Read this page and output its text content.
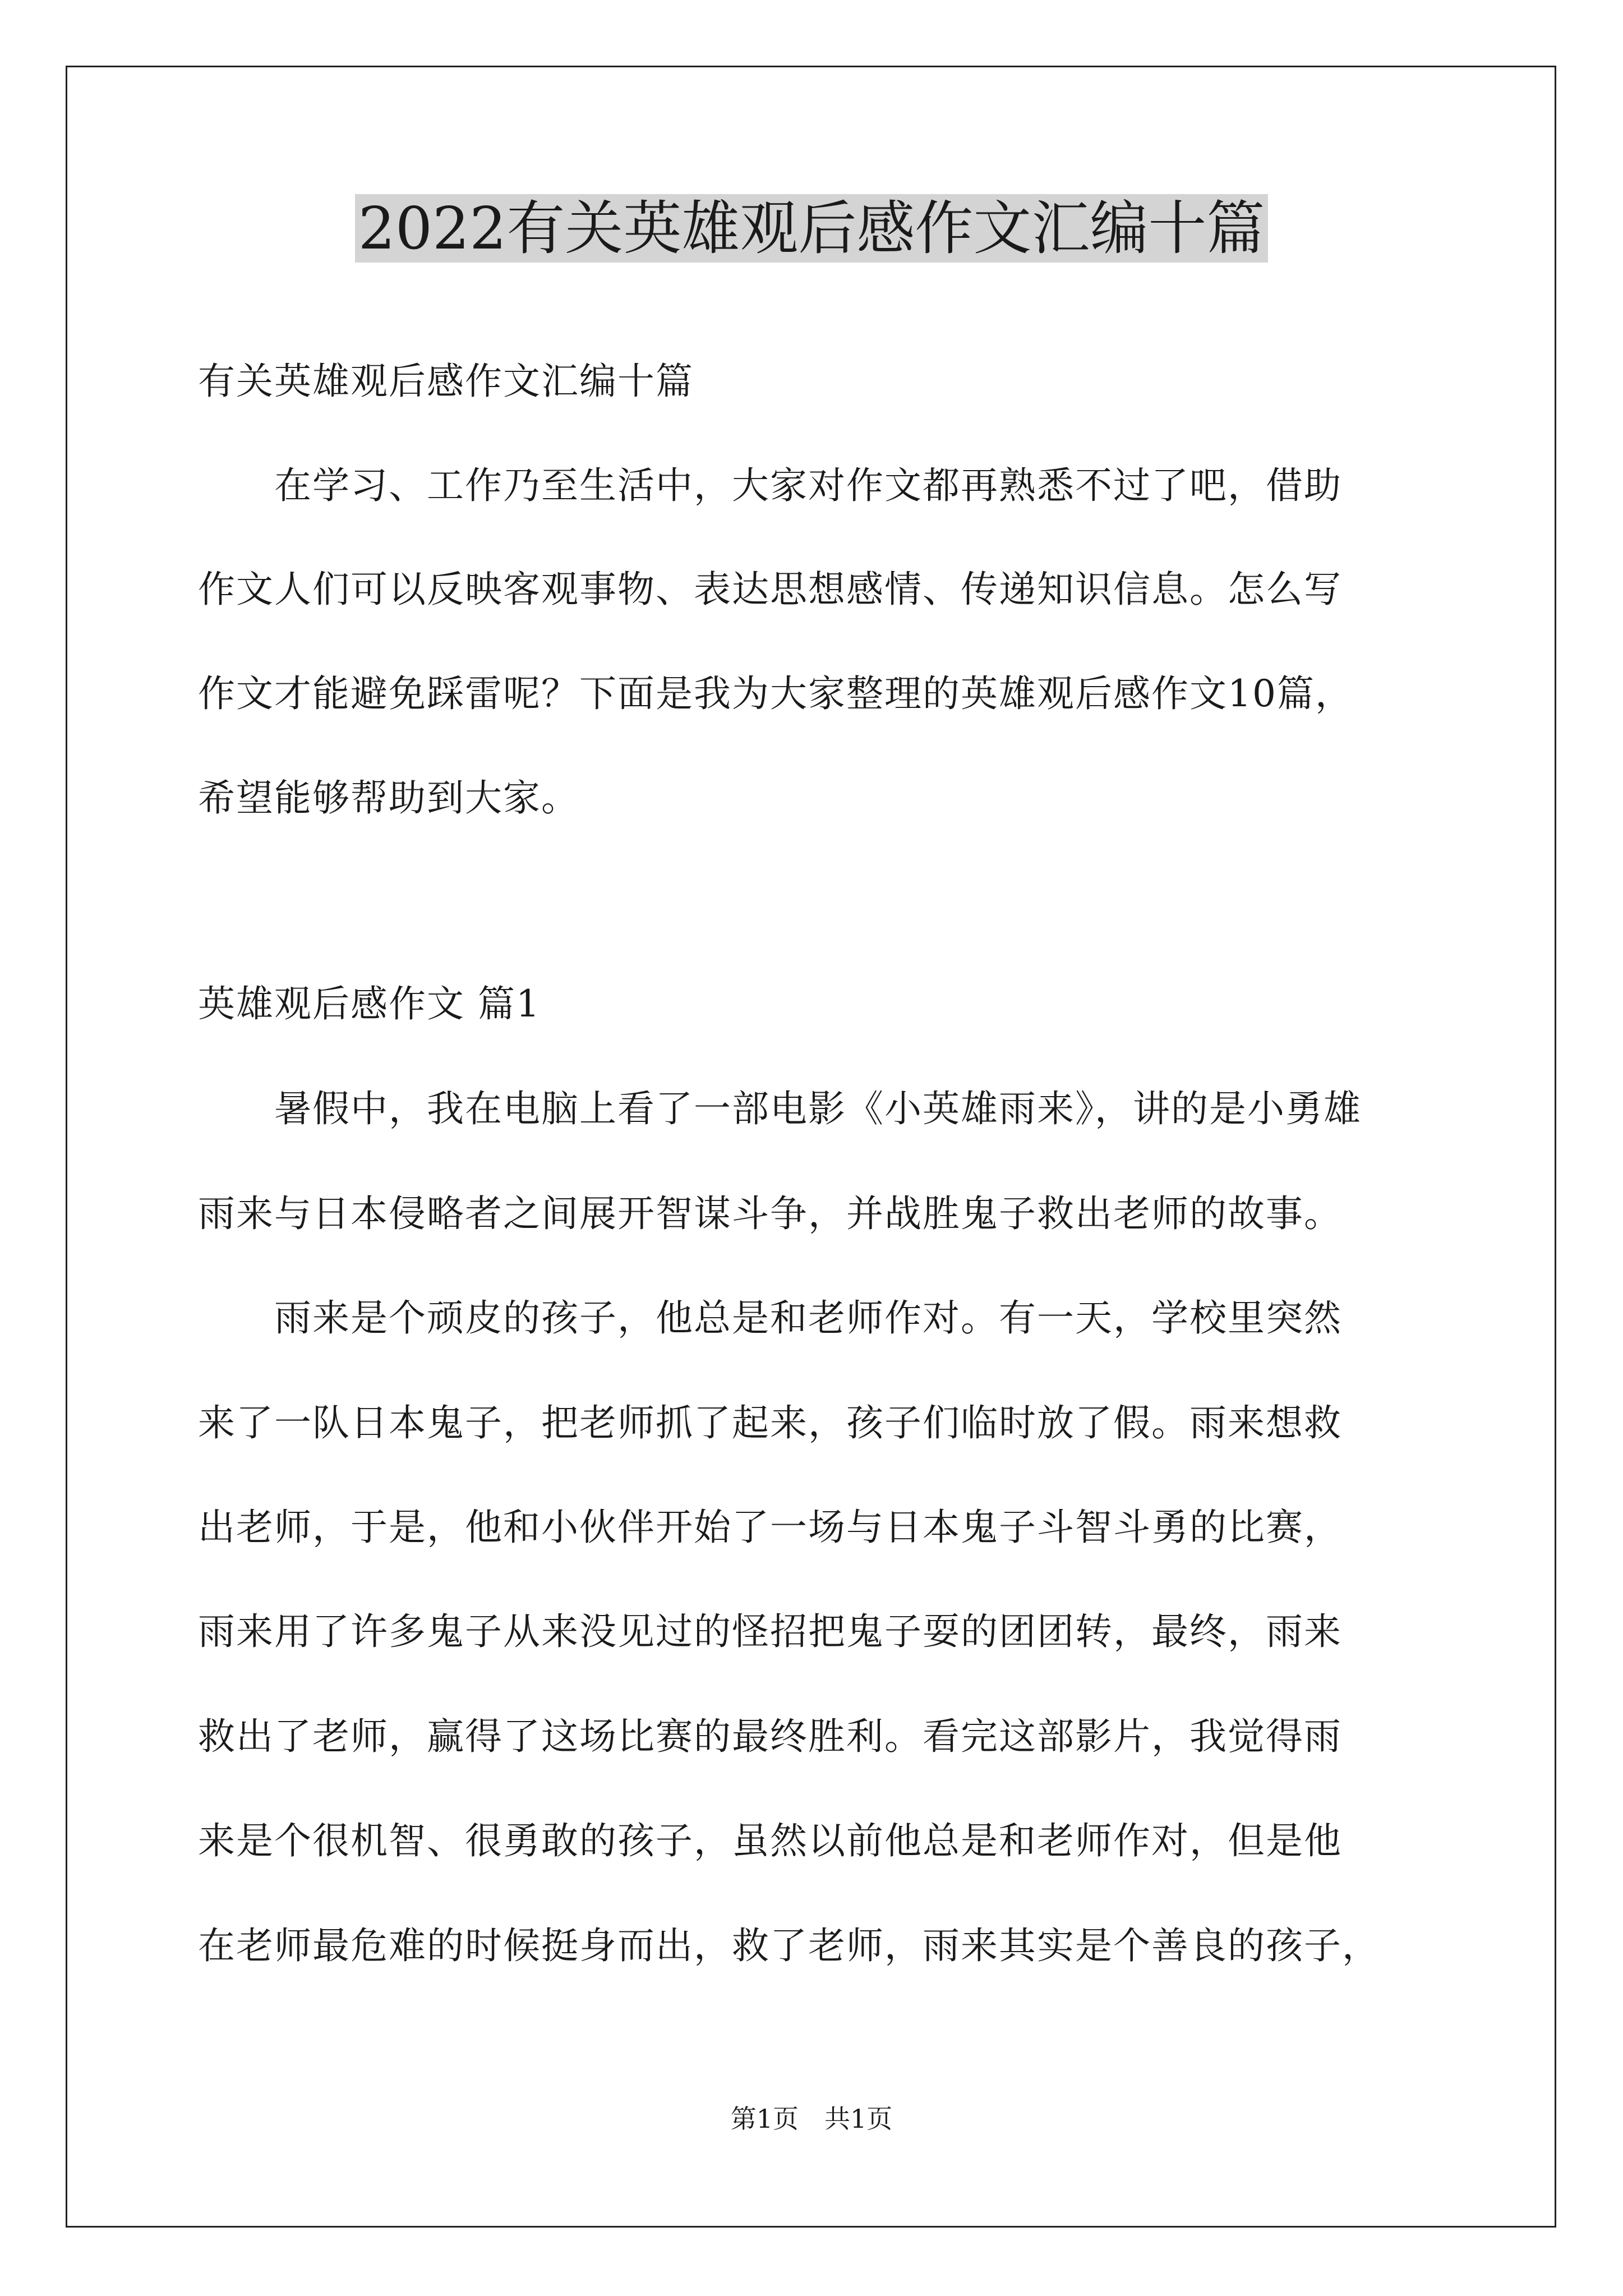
2022有关英雄观后感作文汇编十篇
有关英雄观后感作文汇编十篇
　　在学习、工作乃至生活中，大家对作文都再熟悉不过了吧，借助
作文人们可以反映客观事物、表达思想感情、传递知识信息。怎么写
作文才能避免踩雷呢？下面是我为大家整理的英雄观后感作文10篇，
希望能够帮助到大家。
英雄观后感作文 篇1
　　暑假中，我在电脑上看了一部电影《小英雄雨来》，讲的是小勇雄
雨来与日本侵略者之间展开智谋斗争，并战胜鬼子救出老师的故事。
　　雨来是个顽皮的孩子，他总是和老师作对。有一天，学校里突然
来了一队日本鬼子，把老师抓了起来，孩子们临时放了假。雨来想救
出老师，于是，他和小伙伴开始了一场与日本鬼子斗智斗勇的比赛，
雨来用了许多鬼子从来没见过的怪招把鬼子耍的团团转，最终，雨来
救出了老师，赢得了这场比赛的最终胜利。看完这部影片，我觉得雨
来是个很机智、很勇敢的孩子，虽然以前他总是和老师作对，但是他
在老师最危难的时候挺身而出，救了老师，雨来其实是个善良的孩子，
第1页　共1页
